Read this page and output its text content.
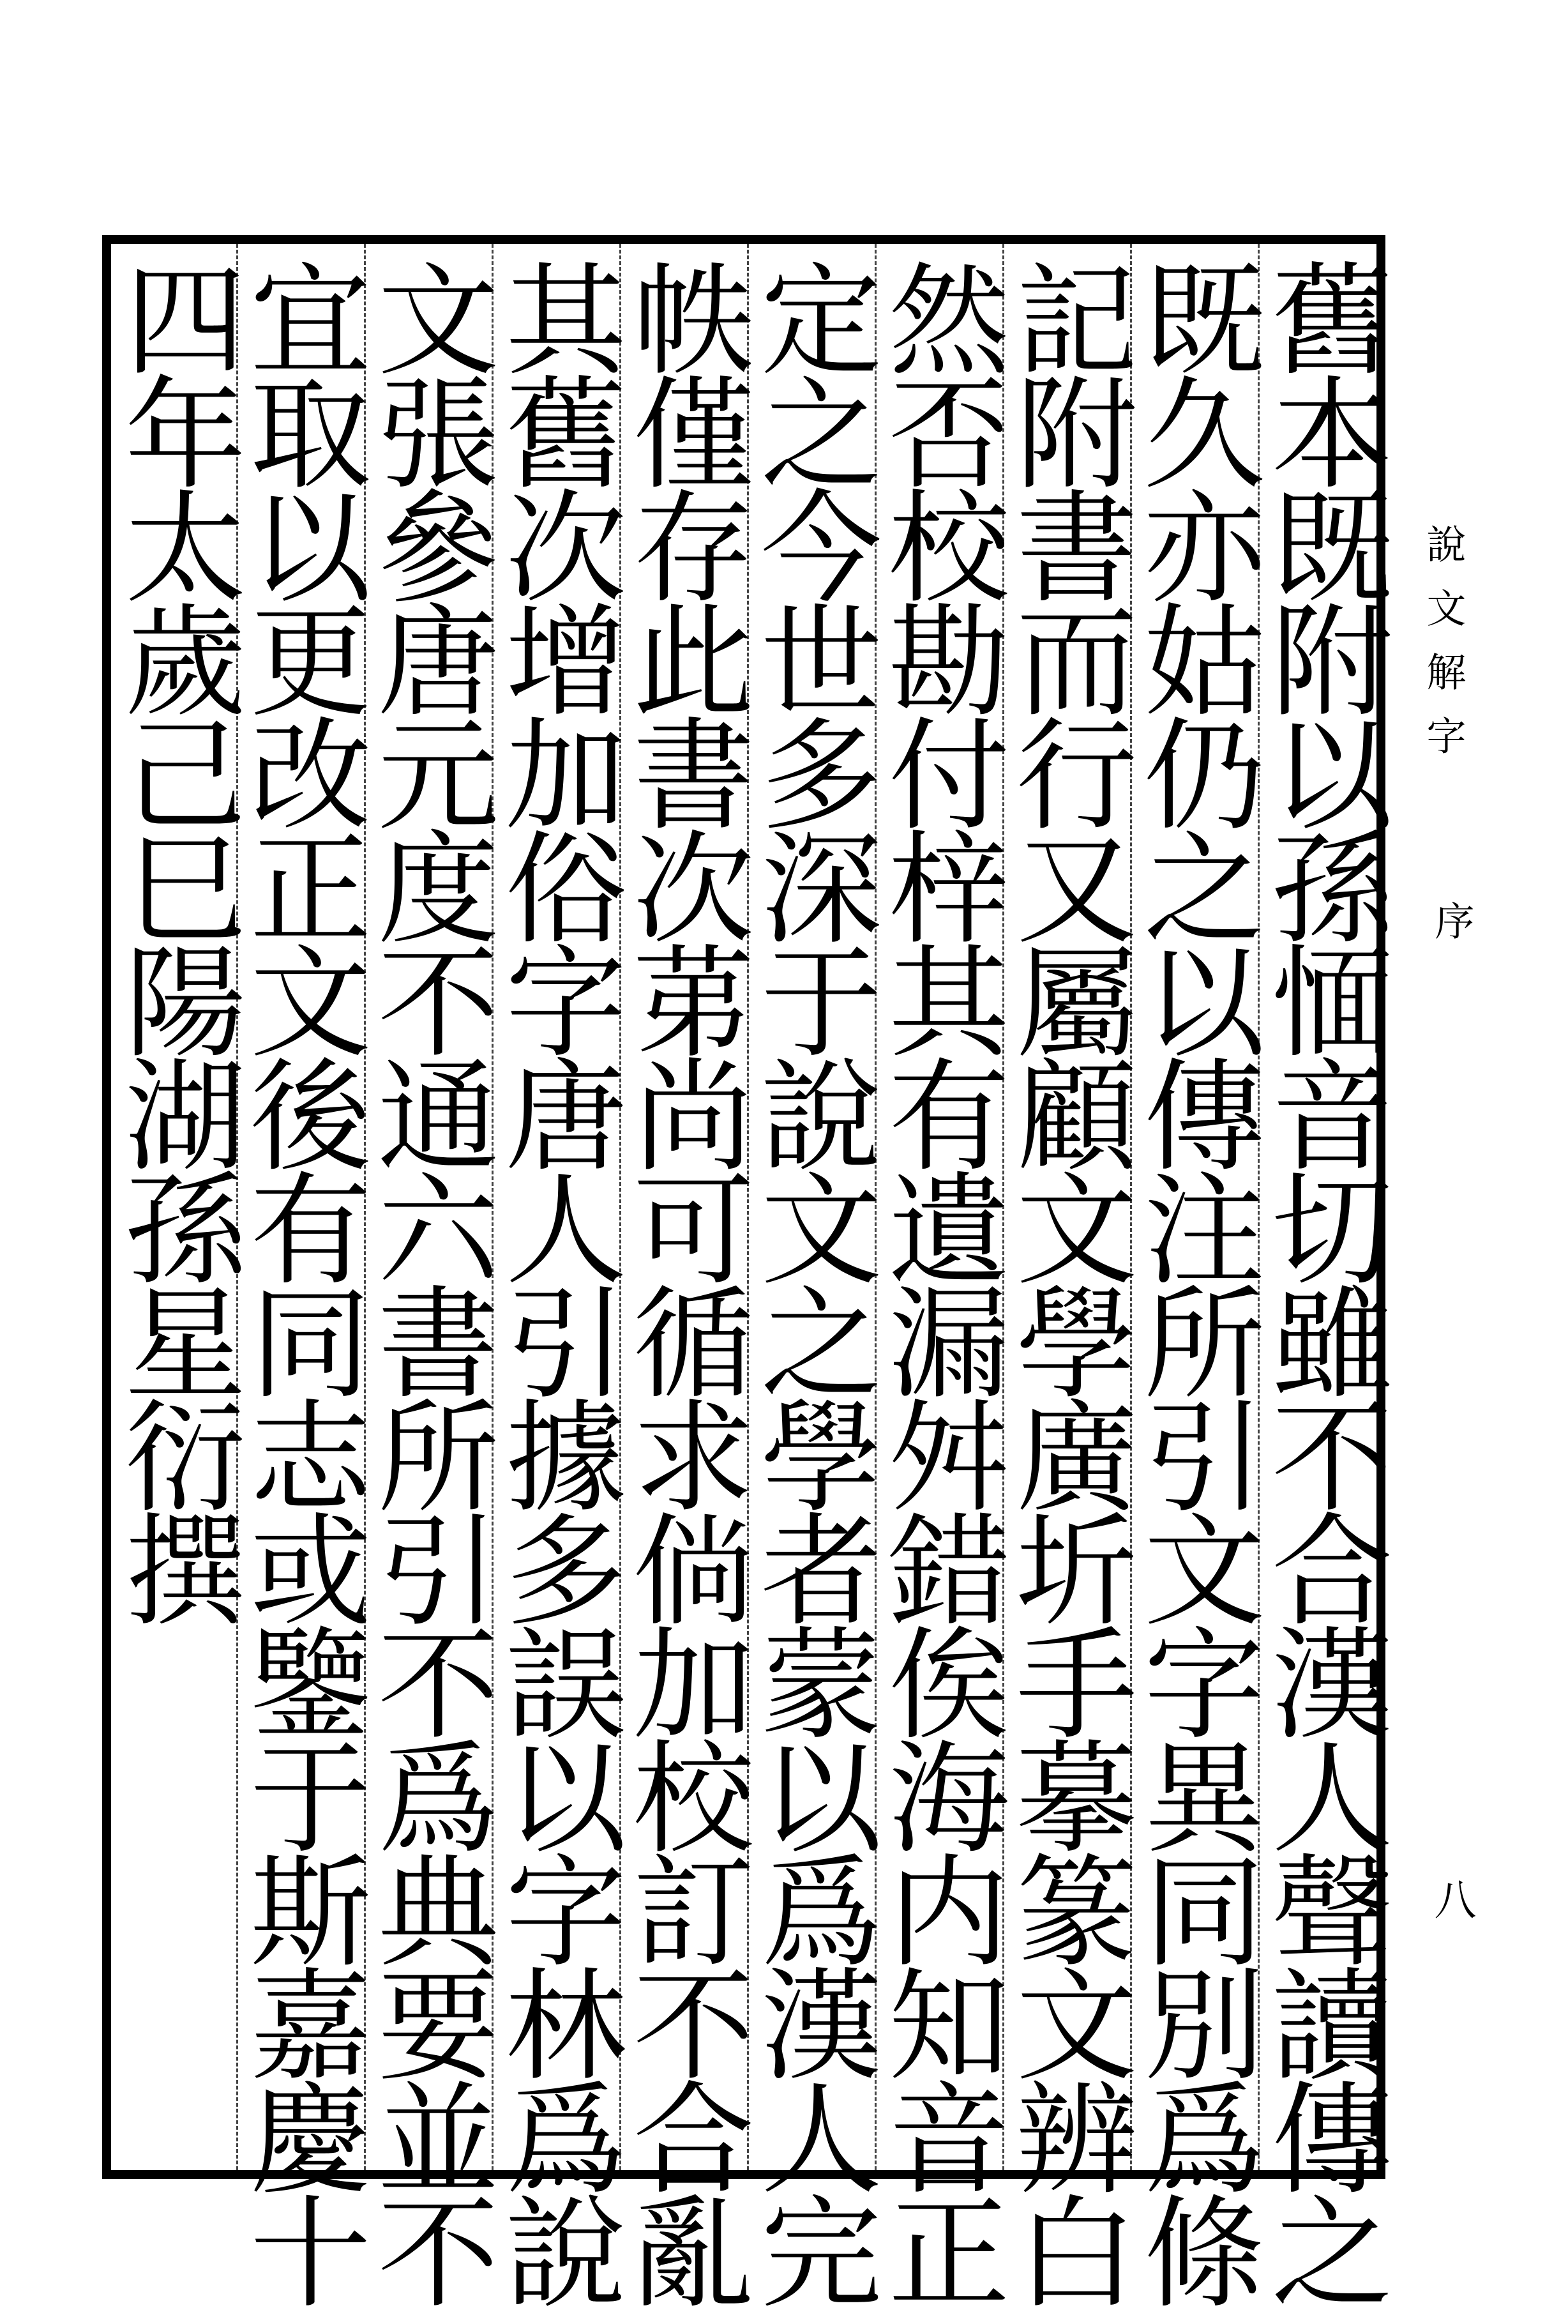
舊本既附以孫愐音切雖不合漢人聲讀傳之
既久亦姑仍之以傳注所引文字異同別爲條
記附書而行又屬顧文學廣圻手摹篆文辨白
然否校勘付梓其有遺漏舛錯俟海内知音正
定之今世多深于說文之學者蒙以爲漢人完
帙僅存此書次苐尚可循求倘加校訂不合亂
其舊次增加俗字唐人引據多誤以字林爲說
文張參唐元度不通六書所引不爲典要並不
宜取以更改正文後有同志或鑒于斯嘉慶十
四年太歲己巳陽湖孫星衍撰	說文解字
序
八
